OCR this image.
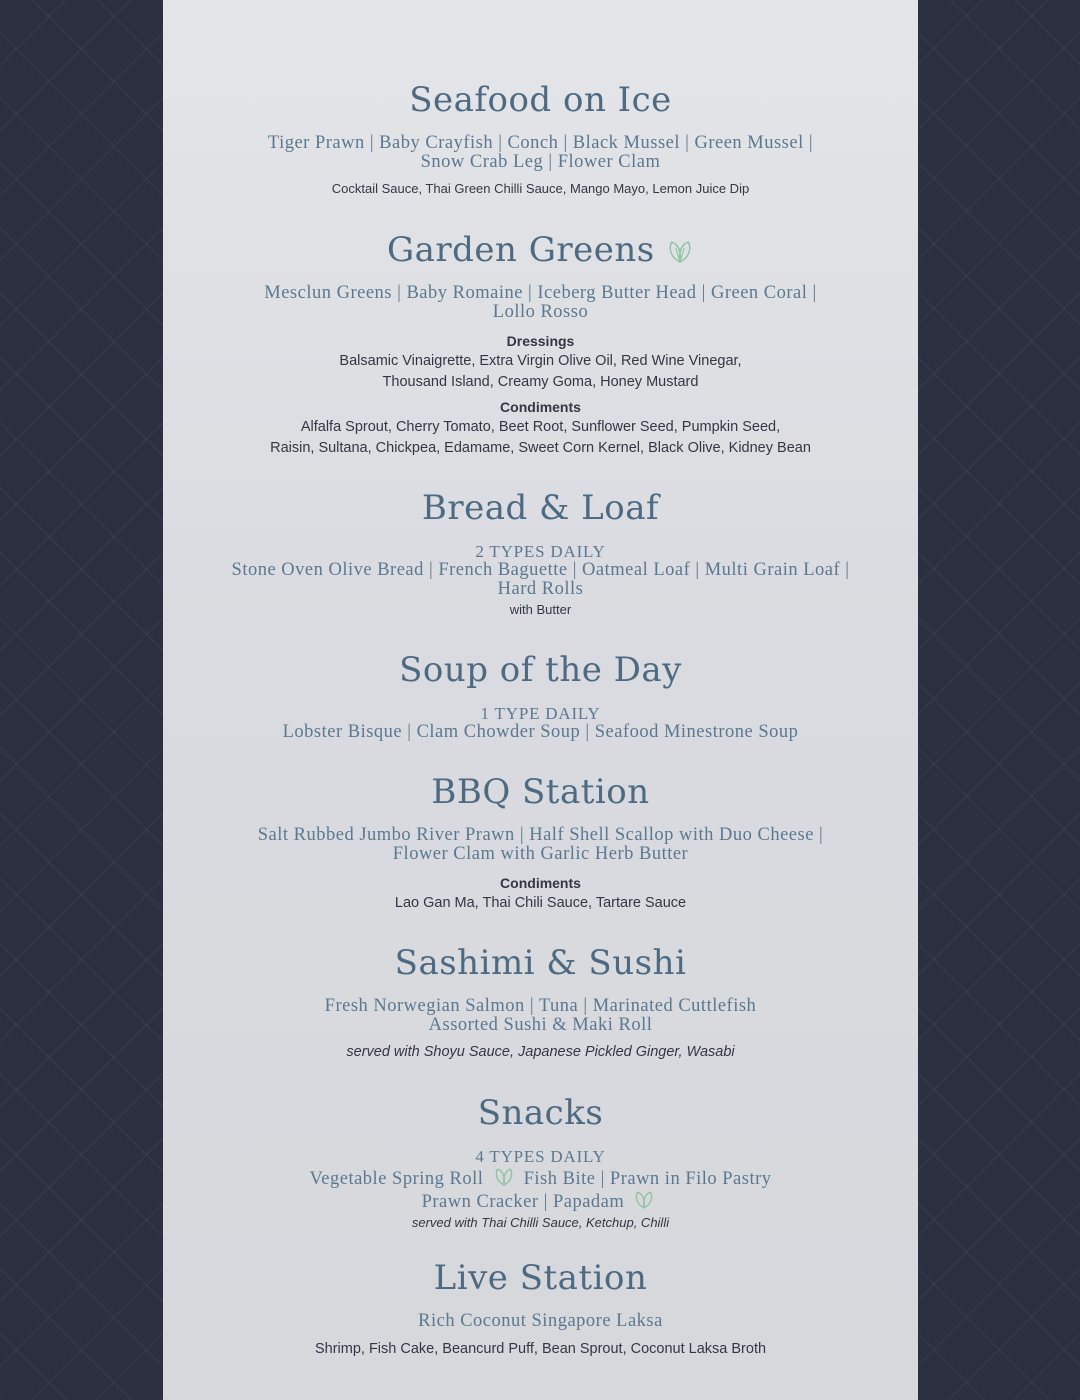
Seafood on Ice

Tiger Prawn | Baby Crayfish | Conch | Black Mussel | Green Mussel |

Snow Crab Leg | Flower Clam

Cocktail Sauce, Thai Green Chilli Sauce, Mango Mayo, Lemon Juice Dip

Garden Greens

Mesclun Greens | Baby Romaine | Iceberg Butter Head | Green Coral |

Lollo Rosso

Dressings

Balsamic Vinaigrette, Extra Virgin Olive Oil, Red Wine Vinegar,

Thousand Island, Creamy Goma, Honey Mustard

Condiments

Alfalfa Sprout, Cherry Tomato, Beet Root, Sunflower Seed, Pumpkin Seed,

Raisin, Sultana, Chickpea, Edamame, Sweet Corn Kernel, Black Olive, Kidney Bean

Bread & Loaf

2 TYPES DAILY

Stone Oven Olive Bread | French Baguette | Oatmeal Loaf | Multi Grain Loaf |

Hard Rolls

with Butter

Soup of the Day

1 TYPE DAILY

Lobster Bisque | Clam Chowder Soup | Seafood Minestrone Soup

BBQ Station

Salt Rubbed Jumbo River Prawn | Half Shell Scallop with Duo Cheese |

Flower Clam with Garlic Herb Butter

Condiments

Lao Gan Ma, Thai Chili Sauce, Tartare Sauce

Sashimi & Sushi

Fresh Norwegian Salmon | Tuna | Marinated Cuttlefish

Assorted Sushi & Maki Roll

served with Shoyu Sauce, Japanese Pickled Ginger, Wasabi

Snacks

4 TYPES DAILY

Vegetable Spring Roll Fish Bite | Prawn in Filo Pastry

Prawn Cracker | Papadam

served with Thai Chilli Sauce, Ketchup, Chilli

Live Station

Rich Coconut Singapore Laksa

Shrimp, Fish Cake, Beancurd Puff, Bean Sprout, Coconut Laksa Broth
